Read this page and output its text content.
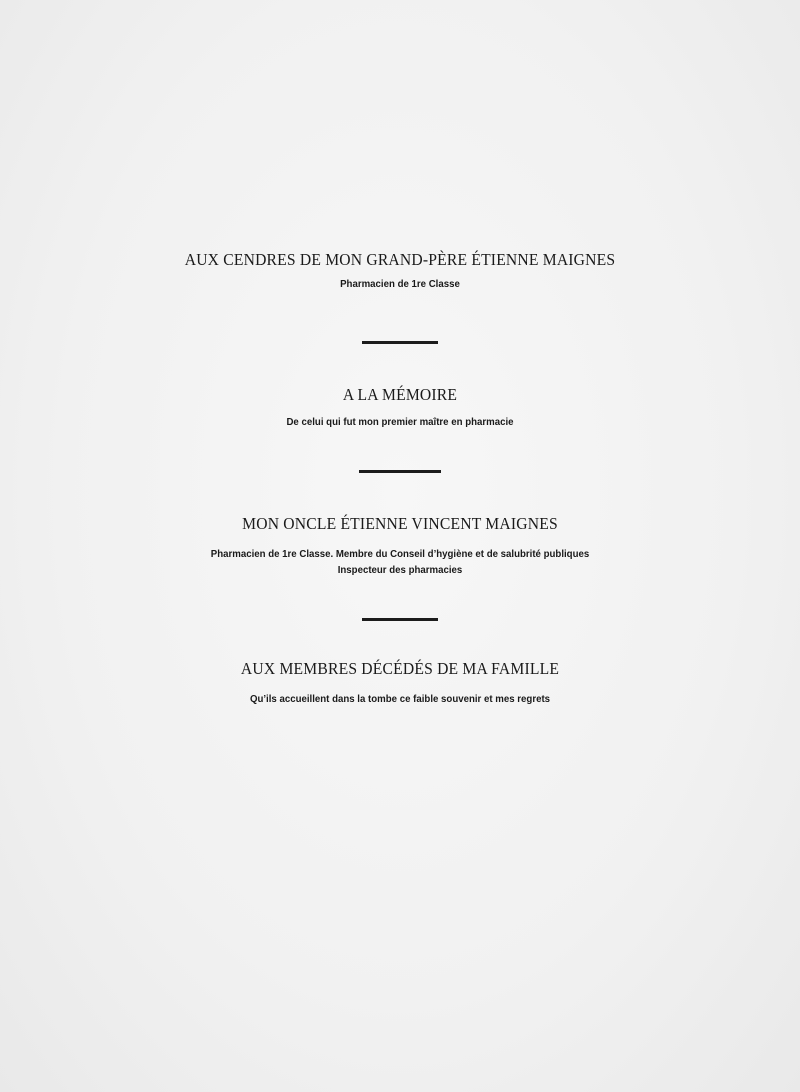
AUX CENDRES DE MON GRAND-PÈRE ÉTIENNE MAIGNES
Pharmacien de 1re Classe
A LA MÉMOIRE
De celui qui fut mon premier maître en pharmacie
MON ONCLE ÉTIENNE VINCENT MAIGNES
Pharmacien de 1re Classe. Membre du Conseil d’hygiène et de salubrité publiques
Inspecteur des pharmacies
AUX MEMBRES DÉCÉDÉS DE MA FAMILLE
Qu’ils accueillent dans la tombe ce faible souvenir et mes regrets
